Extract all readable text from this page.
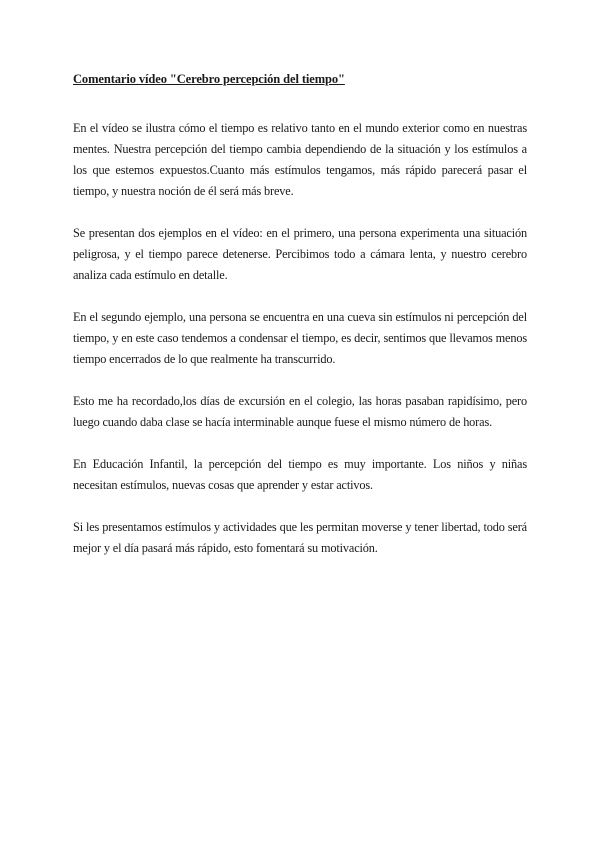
Comentario vídeo "Cerebro percepción del tiempo"

En el vídeo se ilustra cómo el tiempo es relativo tanto en el mundo exterior como en nuestras mentes. Nuestra percepción del tiempo cambia dependiendo de la situación y los estímulos a los que estemos expuestos.Cuanto más estímulos tengamos, más rápido parecerá pasar el tiempo, y nuestra noción de él será más breve.

Se presentan dos ejemplos en el vídeo: en el primero, una persona experimenta una situación peligrosa, y el tiempo parece detenerse. Percibimos todo a cámara lenta, y nuestro cerebro analiza cada estímulo en detalle.

En el segundo ejemplo, una persona se encuentra en una cueva sin estímulos ni percepción del tiempo, y en este caso tendemos a condensar el tiempo, es decir, sentimos que llevamos menos tiempo encerrados de lo que realmente ha transcurrido.

Esto me ha recordado,los días de excursión en el colegio, las horas pasaban rapidísimo, pero luego cuando daba clase se hacía interminable aunque fuese el mismo número de horas.

En Educación Infantil, la percepción del tiempo es muy importante. Los niños y niñas necesitan estímulos, nuevas cosas que aprender y estar activos.

Si les presentamos estímulos y actividades que les permitan moverse y tener libertad, todo será mejor y el día pasará más rápido, esto fomentará su motivación.
